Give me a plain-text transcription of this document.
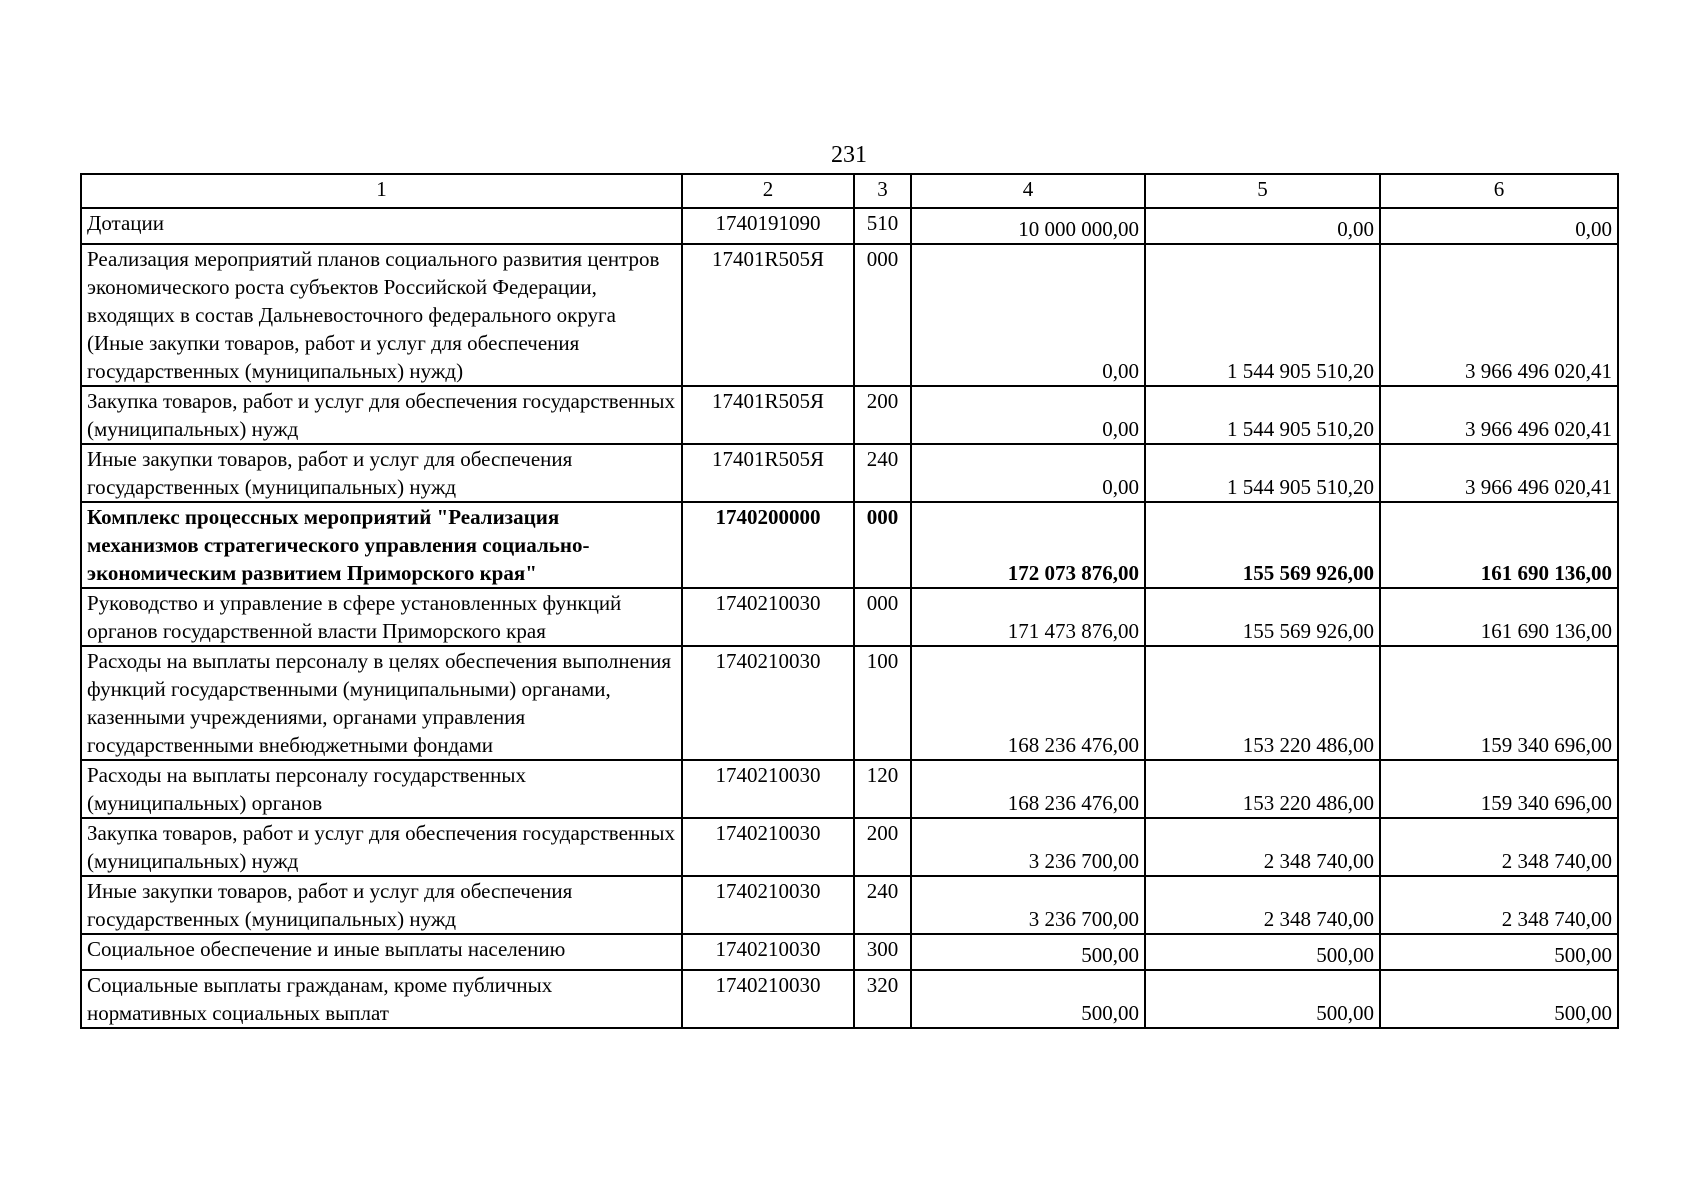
231
1	2	3	4	5	6
Дотации	1740191090	510	10 000 000,00	0,00	0,00
Реализация мероприятий планов социального развития центров экономического роста субъектов Российской Федерации, входящих в состав Дальневосточного федерального округа (Иные закупки товаров, работ и услуг для обеспечения государственных (муниципальных) нужд)	17401R505Я	000	0,00	1 544 905 510,20	3 966 496 020,41
Закупка товаров, работ и услуг для обеспечения государственных (муниципальных) нужд	17401R505Я	200	0,00	1 544 905 510,20	3 966 496 020,41
Иные закупки товаров, работ и услуг для обеспечения государственных (муниципальных) нужд	17401R505Я	240	0,00	1 544 905 510,20	3 966 496 020,41
Комплекс процессных мероприятий "Реализация механизмов стратегического управления социально-экономическим развитием Приморского края"	1740200000	000	172 073 876,00	155 569 926,00	161 690 136,00
Руководство и управление в сфере установленных функций органов государственной власти Приморского края	1740210030	000	171 473 876,00	155 569 926,00	161 690 136,00
Расходы на выплаты персоналу в целях обеспечения выполнения функций государственными (муниципальными) органами, казенными учреждениями, органами управления государственными внебюджетными фондами	1740210030	100	168 236 476,00	153 220 486,00	159 340 696,00
Расходы на выплаты персоналу государственных (муниципальных) органов	1740210030	120	168 236 476,00	153 220 486,00	159 340 696,00
Закупка товаров, работ и услуг для обеспечения государственных (муниципальных) нужд	1740210030	200	3 236 700,00	2 348 740,00	2 348 740,00
Иные закупки товаров, работ и услуг для обеспечения государственных (муниципальных) нужд	1740210030	240	3 236 700,00	2 348 740,00	2 348 740,00
Социальное обеспечение и иные выплаты населению	1740210030	300	500,00	500,00	500,00
Социальные выплаты гражданам, кроме публичных нормативных социальных выплат	1740210030	320	500,00	500,00	500,00
